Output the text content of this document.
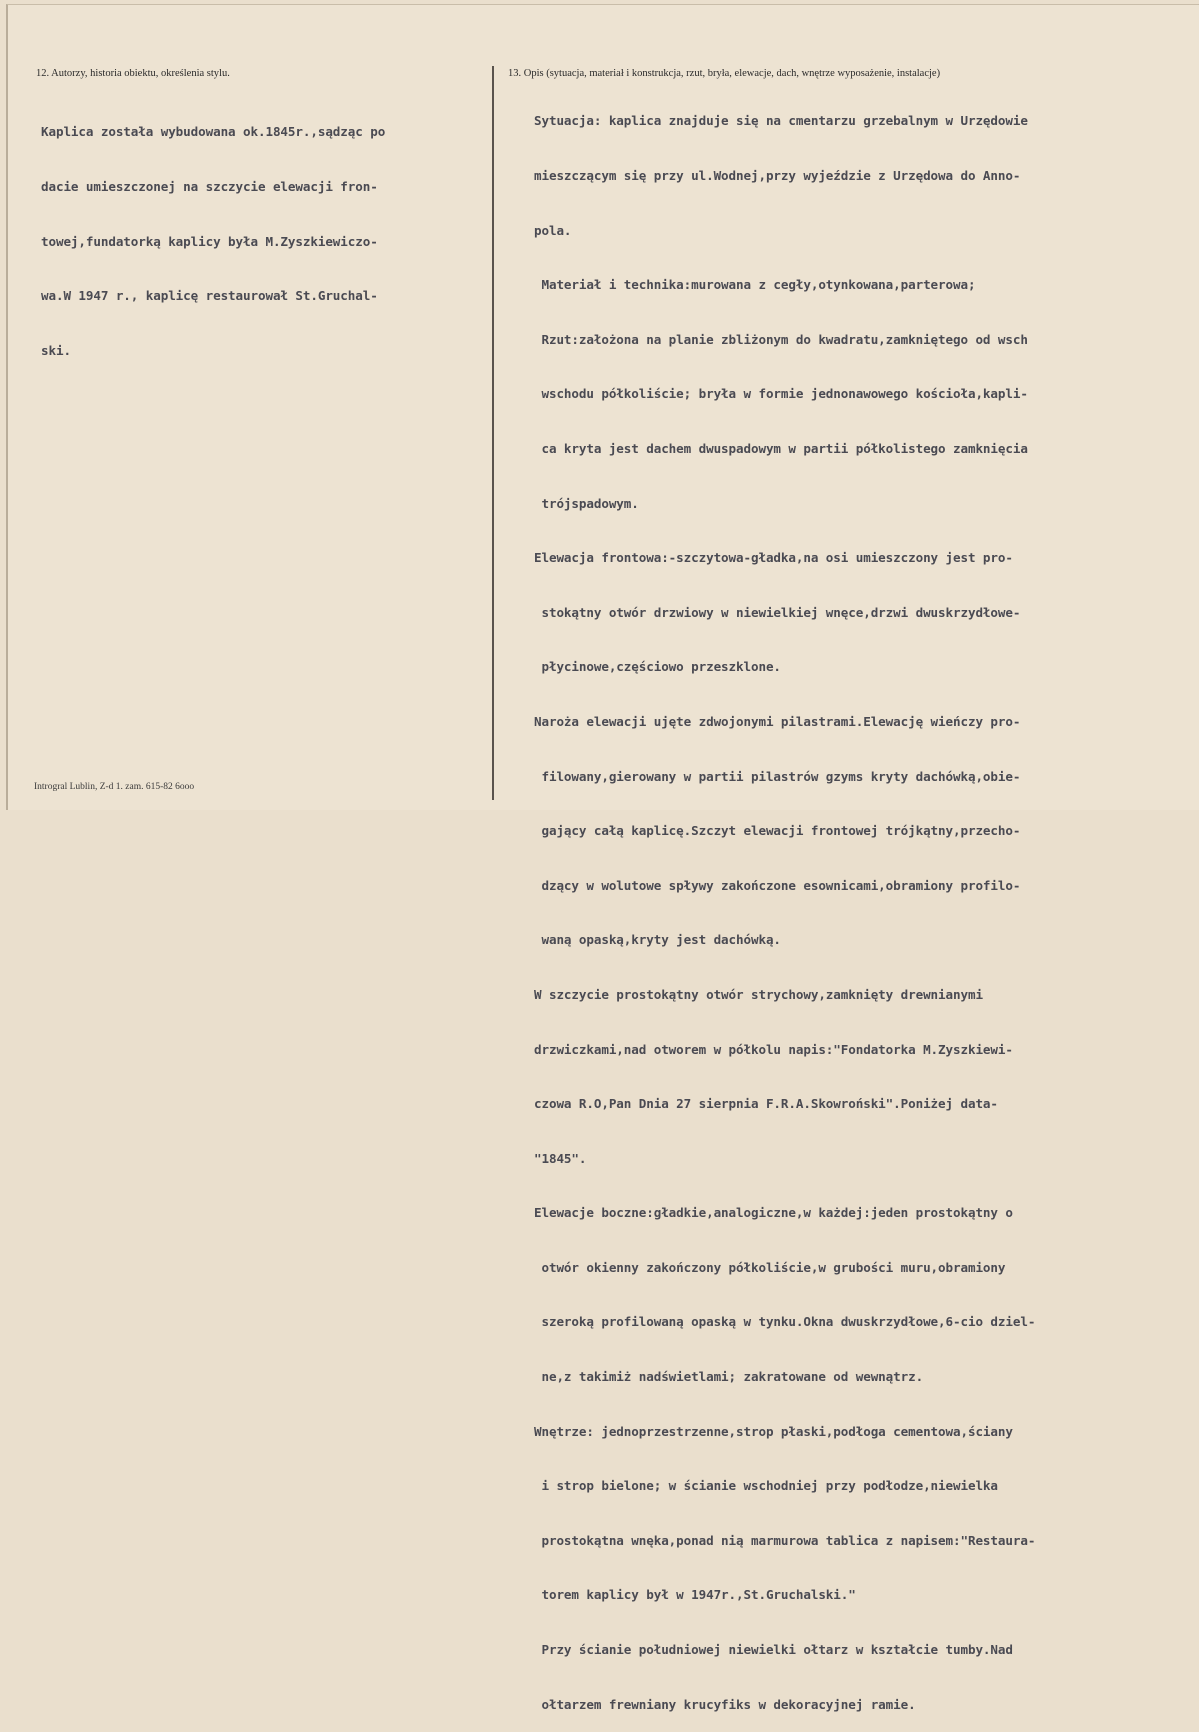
12. Autorzy, historia obiektu, określenia stylu.	13. Opis (sytuacja, materiał i konstrukcja, rzut, bryła, elewacje, dach, wnętrze wyposażenie, instalacje)

Kaplica została wybudowana ok.1845r.,sądząc po

dacie umieszczonej na szczycie elewacji fron-

towej,fundatorką kaplicy była M.Zyszkiewiczo-

wa.W 1947 r., kaplicę restaurował St.Gruchal-

ski.

Sytuacja: kaplica znajduje się na cmentarzu grzebalnym w Urzędowie

mieszczącym się przy ul.Wodnej,przy wyjeździe z Urzędowa do Anno-

pola.

Materiał i technika:murowana z cegły,otynkowana,parterowa;

Rzut:założona na planie zbliżonym do kwadratu,zamkniętego od wsch

wschodu półkoliście; bryła w formie jednonawowego kościoła,kapli-

ca kryta jest dachem dwuspadowym w partii półkolistego zamknięcia

trójspadowym.

Elewacja frontowa:-szczytowa-gładka,na osi umieszczony jest pro-

stokątny otwór drzwiowy w niewielkiej wnęce,drzwi dwuskrzydłowe-

płycinowe,częściowo przeszklone.

Naroża elewacji ujęte zdwojonymi pilastrami.Elewację wieńczy pro-

filowany,gierowany w partii pilastrów gzyms kryty dachówką,obie-

gający całą kaplicę.Szczyt elewacji frontowej trójkątny,przecho-

dzący w wolutowe spływy zakończone esownicami,obramiony profilo-

waną opaską,kryty jest dachówką.

W szczycie prostokątny otwór strychowy,zamknięty drewnianymi

drzwiczkami,nad otworem w półkolu napis:"Fondatorka M.Zyszkiewi-

czowa R.O,Pan Dnia 27 sierpnia F.R.A.Skowroński".Poniżej data-

"1845".

Elewacje boczne:gładkie,analogiczne,w każdej:jeden prostokątny o

otwór okienny zakończony półkoliście,w grubości muru,obramiony

szeroką profilowaną opaską w tynku.Okna dwuskrzydłowe,6-cio dziel-

ne,z takimiż nadświetlami; zakratowane od wewnątrz.

Wnętrze: jednoprzestrzenne,strop płaski,podłoga cementowa,ściany

i strop bielone; w ścianie wschodniej przy podłodze,niewielka

prostokątna wnęka,ponad nią marmurowa tablica z napisem:"Restaura-

torem kaplicy był w 1947r.,St.Gruchalski."

Przy ścianie południowej niewielki ołtarz w kształcie tumby.Nad

ołtarzem frewniany krucyfiks w dekoracyjnej ramie.

Introgral Lublin, Z-d 1. zam. 615-82 6ooo
